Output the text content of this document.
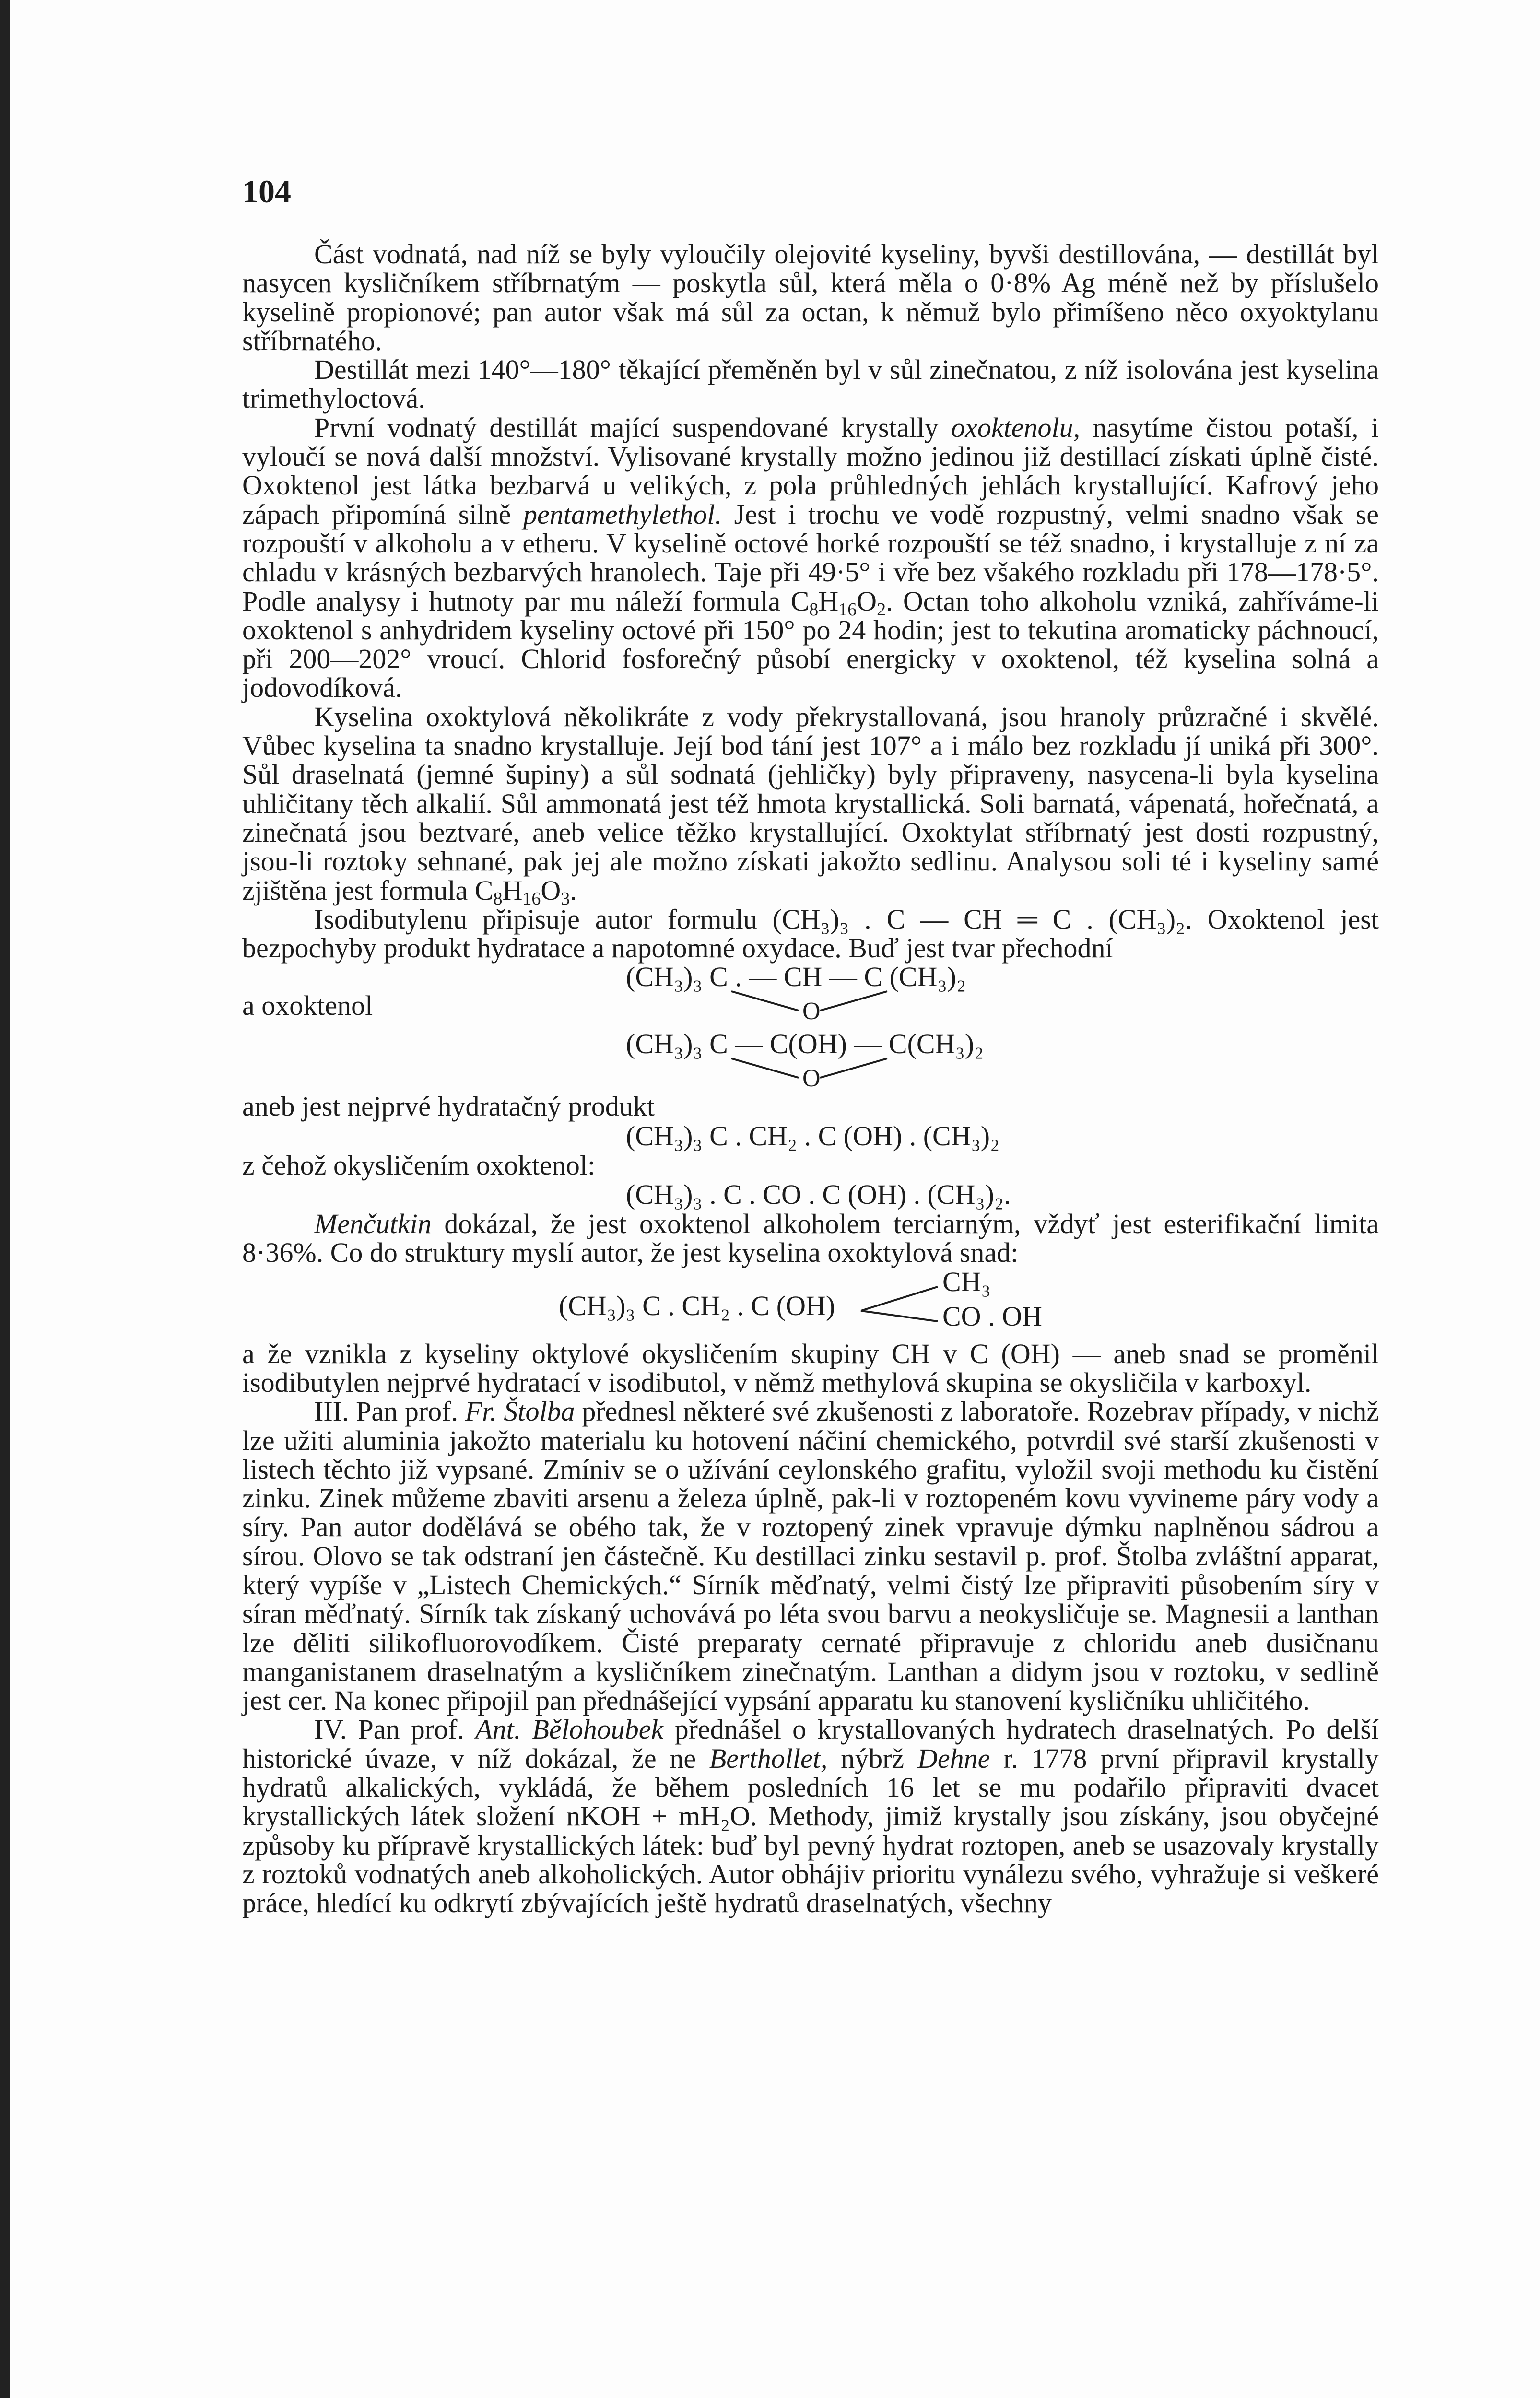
104

Část vodnatá, nad níž se byly vyloučily olejovité kyseliny, byvši destillována, — destillát byl nasycen kysličníkem stříbrnatým — poskytla sůl, která měla o 0·8% Ag méně než by příslušelo kyselině propionové; pan autor však má sůl za octan, k němuž bylo přimíšeno něco oxyoktylanu stříbrnatého.

Destillát mezi 140°—180° těkající přeměněn byl v sůl zinečnatou, z níž isolována jest kyselina trimethyloctová.

První vodnatý destillát mající suspendované krystally oxoktenolu, nasytíme čistou potaší, i vyloučí se nová další množství. Vylisované krystally možno jedinou již destillací získati úplně čisté. Oxoktenol jest látka bezbarvá u velikých, z pola průhledných jehlách krystallující. Kafrový jeho zápach připomíná silně pentamethylethol. Jest i trochu ve vodě rozpustný, velmi snadno však se rozpouští v alkoholu a v etheru. V kyselině octové horké rozpouští se též snadno, i krystalluje z ní za chladu v krásných bezbarvých hranolech. Taje při 49·5° i vře bez všakého rozkladu při 178—178·5°. Podle analysy i hutnoty par mu náleží formula $C_8H_{16}O_2$. Octan toho alkoholu vzniká, zahříváme-li oxoktenol s anhydridem kyseliny octové při 150° po 24 hodin; jest to tekutina aromaticky páchnoucí, při 200—202° vroucí. Chlorid fosforečný působí energicky v oxoktenol, též kyselina solná a jodovodíková.

Kyselina oxoktylová několikráte z vody překrystallovaná, jsou hranoly průzračné i skvělé. Vůbec kyselina ta snadno krystalluje. Její bod tání jest 107° a i málo bez rozkladu jí uniká při 300°. Sůl draselnatá (jemné šupiny) a sůl sodnatá (jehličky) byly připraveny, nasycena-li byla kyselina uhličitany těch alkalií. Sůl ammonatá jest též hmota krystallická. Soli barnatá, vápenatá, hořečnatá, a zinečnatá jsou beztvaré, aneb velice těžko krystallující. Oxoktylat stříbrnatý jest dosti rozpustný, jsou-li roztoky sehnané, pak jej ale možno získati jakožto sedlinu. Analysou soli té i kyseliny samé zjištěna jest formula $C_8H_{16}O_3$.

Isodibutylenu připisuje autor formulu (CH₃)₃ . C — CH ═ C . (CH₃)₂. Oxoktenol jest bezpochyby produkt hydratace a napotomné oxydace. Buď jest tvar přechodní

a oxoktenol
(CH₃)₃ C . — CH — C (CH₃)₂
(CH₃)₃ C — C(OH) — C(CH₃)₂
O
O

aneb jest nejprvé hydratačný produkt

(CH₃)₃ C . CH₂ . C (OH) . (CH₃)₂

z čehož okysličením oxoktenol:

(CH₃)₃ . C . CO . C (OH) . (CH₃)₂.

Menčutkin dokázal, že jest oxoktenol alkoholem terciarným, vždyť jest esterifikační limita 8·36%. Co do struktury myslí autor, že jest kyselina oxoktylová snad:

(CH₃)₃ C . CH₂ . C (OH)
CH₃
CO . OH

a že vznikla z kyseliny oktylové okysličením skupiny CH v C (OH) — aneb snad se proměnil isodibutylen nejprvé hydratací v isodibutol, v němž methylová skupina se okysličila v karboxyl.

III. Pan prof. Fr. Štolba přednesl některé své zkušenosti z laboratoře. Rozebrav případy, v nichž lze užiti aluminia jakožto materialu ku hotovení náčiní chemického, potvrdil své starší zkušenosti v listech těchto již vypsané. Zmíniv se o užívání ceylonského grafitu, vyložil svoji methodu ku čistění zinku. Zinek můžeme zbaviti arsenu a železa úplně, pak-li v roztopeném kovu vyvineme páry vody a síry. Pan autor dodělává se obého tak, že v roztopený zinek vpravuje dýmku naplněnou sádrou a sírou. Olovo se tak odstraní jen částečně. Ku destillaci zinku sestavil p. prof. Štolba zvláštní apparat, který vypíše v „Listech Chemických.“ Sírník měďnatý, velmi čistý lze připraviti působením síry v síran měďnatý. Sírník tak získaný uchovává po léta svou barvu a neokysličuje se. Magnesii a lanthan lze děliti silikofluorovodíkem. Čisté preparaty cernaté připravuje z chloridu aneb dusičnanu manganistanem draselnatým a kysličníkem zinečnatým. Lanthan a didym jsou v roztoku, v sedlině jest cer. Na konec připojil pan přednášející vypsání apparatu ku stanovení kysličníku uhličitého.

IV. Pan prof. Ant. Bělohoubek přednášel o krystallovaných hydratech draselnatých. Po delší historické úvaze, v níž dokázal, že ne Berthollet, nýbrž Dehne r. 1778 první připravil krystally hydratů alkalických, vykládá, že během posledních 16 let se mu podařilo připraviti dvacet krystallických látek složení nKOH + mH₂O. Methody, jimiž krystally jsou získány, jsou obyčejné způsoby ku přípravě krystallických látek: buď byl pevný hydrat roztopen, aneb se usazovaly krystally z roztoků vodnatých aneb alkoholických. Autor obhájiv prioritu vynálezu svého, vyhražuje si veškeré práce, hledící ku odkrytí zbývajících ještě hydratů draselnatých, všechny
